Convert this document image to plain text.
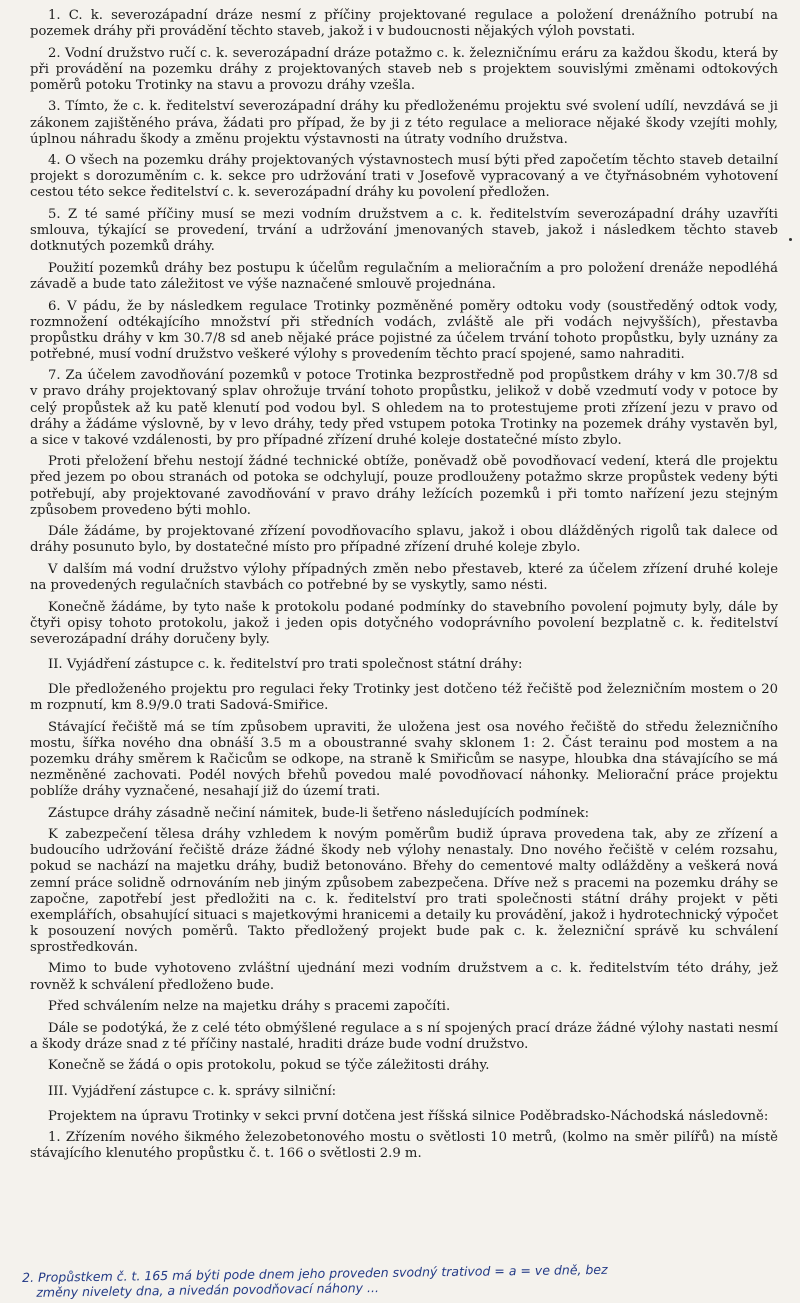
1. C. k. severozápadní dráze nesmí z příčiny projektované regulace a položení drenážního potrubí na pozemek dráhy při provádění těchto staveb, jakož i v budoucnosti nějakých výloh povstati.

2. Vodní družstvo ručí c. k. severozápadní dráze potažmo c. k. železničnímu eráru za každou škodu, která by při provádění na pozemku dráhy z projektovaných staveb neb s projektem souvislými změnami odtokových poměrů potoku Trotinky na stavu a provozu dráhy vzešla.

3. Tímto, že c. k. ředitelství severozápadní dráhy ku předloženému projektu své svolení udílí, nevzdává se ji zákonem zajištěného práva, žádati pro případ, že by ji z této regulace a meliorace nějaké škody vzejíti mohly, úplnou náhradu škody a změnu projektu výstavnosti na útraty vodního družstva.

4. O všech na pozemku dráhy projektovaných výstavnostech musí býti před započetím těchto staveb detailní projekt s dorozuměním c. k. sekce pro udržování trati v Josefově vypracovaný a ve čtyřnásobném vyhotovení cestou této sekce ředitelství c. k. severozápadní dráhy ku povolení předložen.

5. Z té samé příčiny musí se mezi vodním družstvem a c. k. ředitelstvím severozápadní dráhy uzavříti smlouva, týkající se provedení, trvání a udržování jmenovaných staveb, jakož i následkem těchto staveb dotknutých pozemků dráhy.

Použití pozemků dráhy bez postupu k účelům regulačním a melioračním a pro položení drenáže nepodléhá závadě a bude tato záležitost ve výše naznačené smlouvě projednána.

6. V pádu, že by následkem regulace Trotinky pozměněné poměry odtoku vody (soustředěný odtok vody, rozmnožení odtékajícího množství při středních vodách, zvláště ale při vodách nejvyšších), přestavba propůstku dráhy v km 30.7/8 sd aneb nějaké práce pojistné za účelem trvání tohoto propůstku, byly uznány za potřebné, musí vodní družstvo veškeré výlohy s provedením těchto prací spojené, samo nahraditi.

7. Za účelem zavodňování pozemků v potoce Trotinka bezprostředně pod propůstkem dráhy v km 30.7/8 sd v pravo dráhy projektovaný splav ohrožuje trvání tohoto propůstku, jelikož v době vzedmutí vody v potoce by celý propůstek až ku patě klenutí pod vodou byl. S ohledem na to protestujeme proti zřízení jezu v pravo od dráhy a žádáme výslovně, by v levo dráhy, tedy před vstupem potoka Trotinky na pozemek dráhy vystavěn byl, a sice v takové vzdálenosti, by pro případné zřízení druhé koleje dostatečné místo zbylo.

Proti přeložení břehu nestojí žádné technické obtíže, poněvadž obě povodňovací vedení, která dle projektu před jezem po obou stranách od potoka se odchylují, pouze prodlouženy potažmo skrze propůstek vedeny býti potřebují, aby projektované zavodňování v pravo dráhy ležících pozemků i při tomto nařízení jezu stejným způsobem provedeno býti mohlo.

Dále žádáme, by projektované zřízení povodňovacího splavu, jakož i obou dlážděných rigolů tak dalece od dráhy posunuto bylo, by dostatečné místo pro případné zřízení druhé koleje zbylo.

V dalším má vodní družstvo výlohy případných změn nebo přestaveb, které za účelem zřízení druhé koleje na provedených regulačních stavbách co potřebné by se vyskytly, samo nésti.

Konečně žádáme, by tyto naše k protokolu podané podmínky do stavebního povolení pojmuty byly, dále by čtyři opisy tohoto protokolu, jakož i jeden opis dotyčného vodoprávního povolení bezplatně c. k. ředitelství severozápadní dráhy doručeny byly.

II. Vyjádření zástupce c. k. ředitelství pro trati společnost státní dráhy:

Dle předloženého projektu pro regulaci řeky Trotinky jest dotčeno též řečiště pod železničním mostem o 20 m rozpnutí, km 8.9/9.0 trati Sadová-Smiřice.

Stávající řečiště má se tím způsobem upraviti, že uložena jest osa nového řečiště do středu železničního mostu, šířka nového dna obnáší 3.5 m a oboustranné svahy sklonem 1: 2. Část terainu pod mostem a na pozemku dráhy směrem k Račicům se odkope, na straně k Smiřicům se nasype, hloubka dna stávajícího se má nezměněné zachovati. Podél nových břehů povedou malé povodňovací náhonky. Meliorační práce projektu poblíže dráhy vyznačené, nesahají již do území trati.

Zástupce dráhy zásadně nečiní námitek, bude-li šetřeno následujících podmínek:

K zabezpečení tělesa dráhy vzhledem k novým poměrům budiž úprava provedena tak, aby ze zřízení a budoucího udržování řečiště dráze žádné škody neb výlohy nenastaly. Dno nového řečiště v celém rozsahu, pokud se nachází na majetku dráhy, budiž betonováno. Břehy do cementové malty odlážděny a veškerá nová zemní práce solidně odrnováním neb jiným způsobem zabezpečena. Dříve než s pracemi na pozemku dráhy se započne, zapotřebí jest předložiti na c. k. ředitelství pro trati společnosti státní dráhy projekt v pěti exemplářích, obsahující situaci s majetkovými hranicemi a detaily ku provádění, jakož i hydrotechnický výpočet k posouzení nových poměrů. Takto předložený projekt bude pak c. k. železniční správě ku schválení sprostředkován.

Mimo to bude vyhotoveno zvláštní ujednání mezi vodním družstvem a c. k. ředitelstvím této dráhy, jež rovněž k schválení předloženo bude.

Před schválením nelze na majetku dráhy s pracemi započíti.

Dále se podotýká, že z celé této obmýšlené regulace a s ní spojených prací dráze žádné výlohy nastati nesmí a škody dráze snad z té příčiny nastalé, hraditi dráze bude vodní družstvo.

Konečně se žádá o opis protokolu, pokud se týče záležitosti dráhy.

III. Vyjádření zástupce c. k. správy silniční:

Projektem na úpravu Trotinky v sekci první dotčena jest říšská silnice Poděbradsko-Náchodská následovně:

1. Zřízením nového šikmého železobetonového mostu o světlosti 10 metrů, (kolmo na směr pilířů) na místě stávajícího klenutého propůstku č. t. 166 o světlosti 2.9 m.

2. Propůstkem č. t. 165 má býti pode dnem jeho proveden svodný trativod = a = ve dně, bez
změny nivelety dna, a nivedán povodňovací náhony ...
